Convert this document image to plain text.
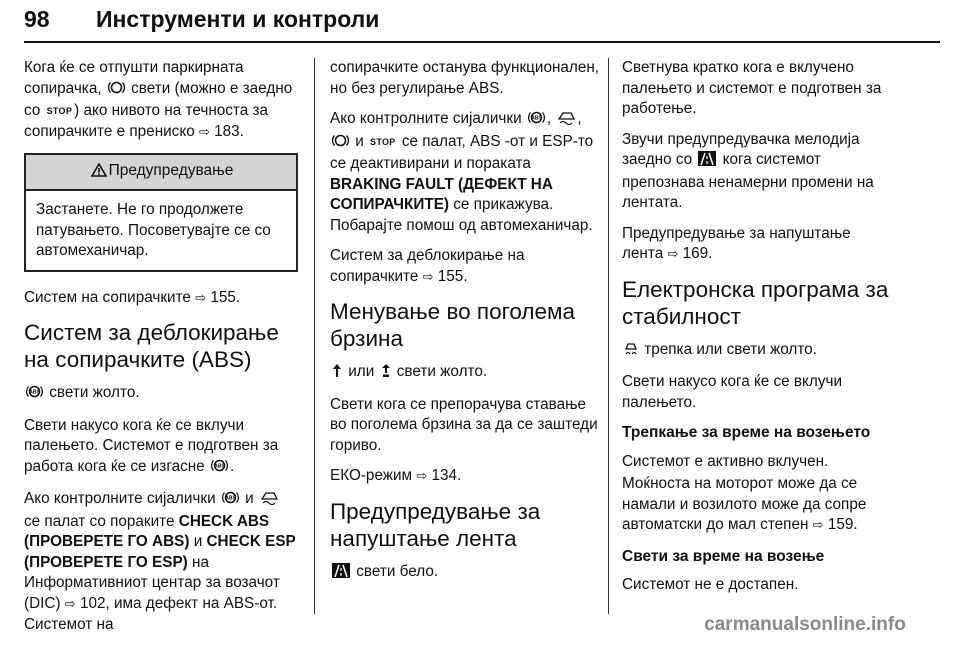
98 Инструменти и контроли

Кога ќе се отпушти паркирната сопирачка, свети (можно е заедно со STOP ) ако нивото на течноста за сопирачките е прениско ⇨ 183.

Предупредување
Застанете. Не го продолжете патувањето. Посоветувајте се со автомеханичар.

Систем на сопирачките ⇨ 155.

Систем за деблокирање на сопирачките (ABS)

ABS свети жолто.

Свети накусо кога ќе се вклучи палењето. Системот е подготвен за работа кога ќе се изгасне ABS .

Ако контролните сијалички ABS и  се палат со пораките CHECK ABS (ПРОВЕРЕТЕ ГО ABS) и CHECK ESP (ПРОВЕРЕТЕ ГО ESP) на Информативниот центар за возачот (DIC) ⇨ 102, има дефект на ABS-от. Системот на

сопирачките останува функционален, но без регулирање ABS.

Ако контролните сијалички ABS , ,  и STOP се палат, ABS -от и ESP-то се деактивирани и пораката BRAKING FAULT (ДЕФЕКТ НА СОПИРАЧКИТЕ) се прикажува. Побарајте помош од автомеханичар.

Систем за деблокирање на сопирачките ⇨ 155.

Менување во поголема брзина

или свети жолто.

Свети кога се препорачува ставање во поголема брзина за да се заштеди гориво.

ЕКО-режим ⇨ 134.

Предупредување за напуштање лента

свети бело.

Светнува кратко кога е вклучено палењето и системот е подготвен за работење.

Звучи предупредувачка мелодија заедно со кога системот препознава ненамерни промени на лентата.

Предупредување за напуштање лента ⇨ 169.

Електронска програма за стабилност

трепка или свети жолто.

Свети накусо кога ќе се вклучи палењето.

Трепкање за време на возењето

Системот е активно вклучен.

Моќноста на моторот може да се намали и возилото може да сопре автоматски до мал степен ⇨ 159.

Свети за време на возење

Системот не е достапен.

carmanualsonline.info
